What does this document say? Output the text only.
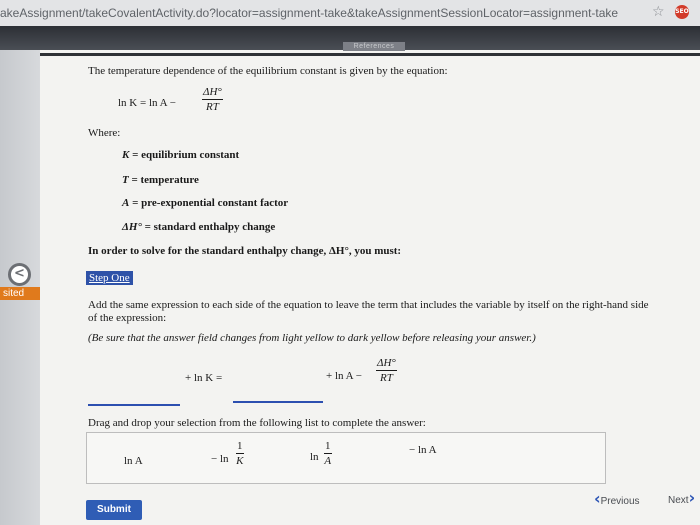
akeAssignment/takeCovalentActivity.do?locator=assignment-take&takeAssignmentSessionLocator=assignment-take ☆ SEO
References
<
sited
The temperature dependence of the equilibrium constant is given by the equation:
$\ln K = \ln A - \frac{\Delta H^\circ}{RT}$
Where:
K = equilibrium constant
T = temperature
A = pre-exponential constant factor
ΔH° = standard enthalpy change
In order to solve for the standard enthalpy change, ΔH°, you must:
Step One
Add the same expression to each side of the equation to leave the term that includes the variable by itself on the right-hand side
of the expression:
(Be sure that the answer field changes from light yellow to dark yellow before releasing your answer.)
+ ln K =	+ $\ln A - \frac{\Delta H^\circ}{RT}$
Drag and drop your selection from the following list to complete the answer:
ln A	− $\ln \frac{1}{K}$	$\ln \frac{1}{A}$	− ln A
Submit
‹Previous	Next›
